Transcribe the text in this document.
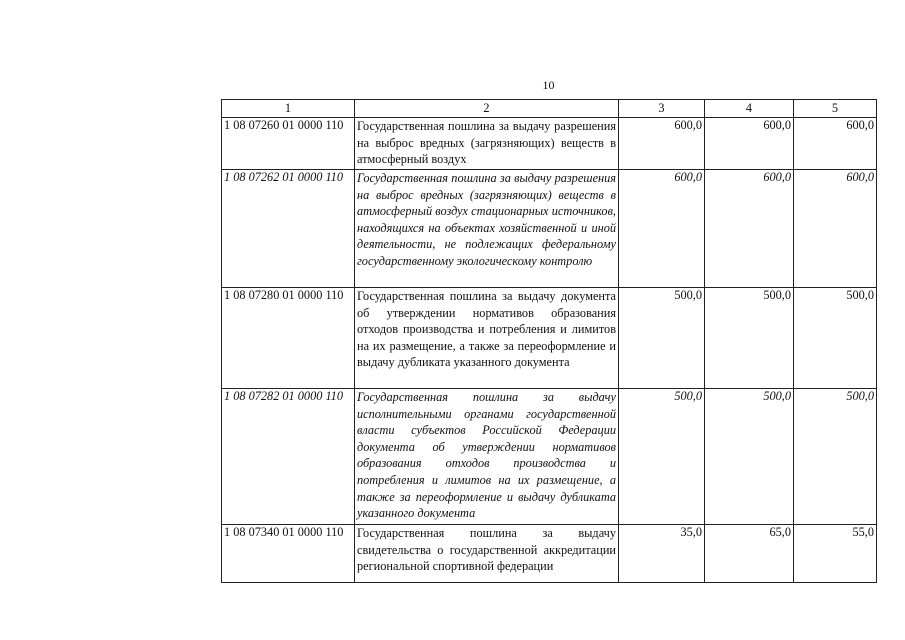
10
1	2	3	4	5
1 08 07260 01 0000 110	Государственная пошлина за выдачу разрешения на выброс вредных (загрязняющих) веществ в атмосферный воздух	600,0	600,0	600,0
1 08 07262 01 0000 110	Государственная пошлина за выдачу разрешения на выброс вредных (загрязняющих) веществ в атмосферный воздух стационарных источников, находящихся на объектах хозяйственной и иной деятельности, не подлежащих федеральному государственному экологическому контролю	600,0	600,0	600,0
1 08 07280 01 0000 110	Государственная пошлина за выдачу документа об утверждении нормативов образования отходов производства и потребления и лимитов на их размещение, а также за переоформление и выдачу дубликата указанного документа	500,0	500,0	500,0
1 08 07282 01 0000 110	Государственная пошлина за выдачу исполнительными органами государственной власти субъектов Российской Федерации документа об утверждении нормативов образования отходов производства и потребления и лимитов на их размещение, а также за переоформление и выдачу дубликата указанного документа	500,0	500,0	500,0
1 08 07340 01 0000 110	Государственная пошлина за выдачу свидетельства о государственной аккредитации региональной спортивной федерации	35,0	65,0	55,0
